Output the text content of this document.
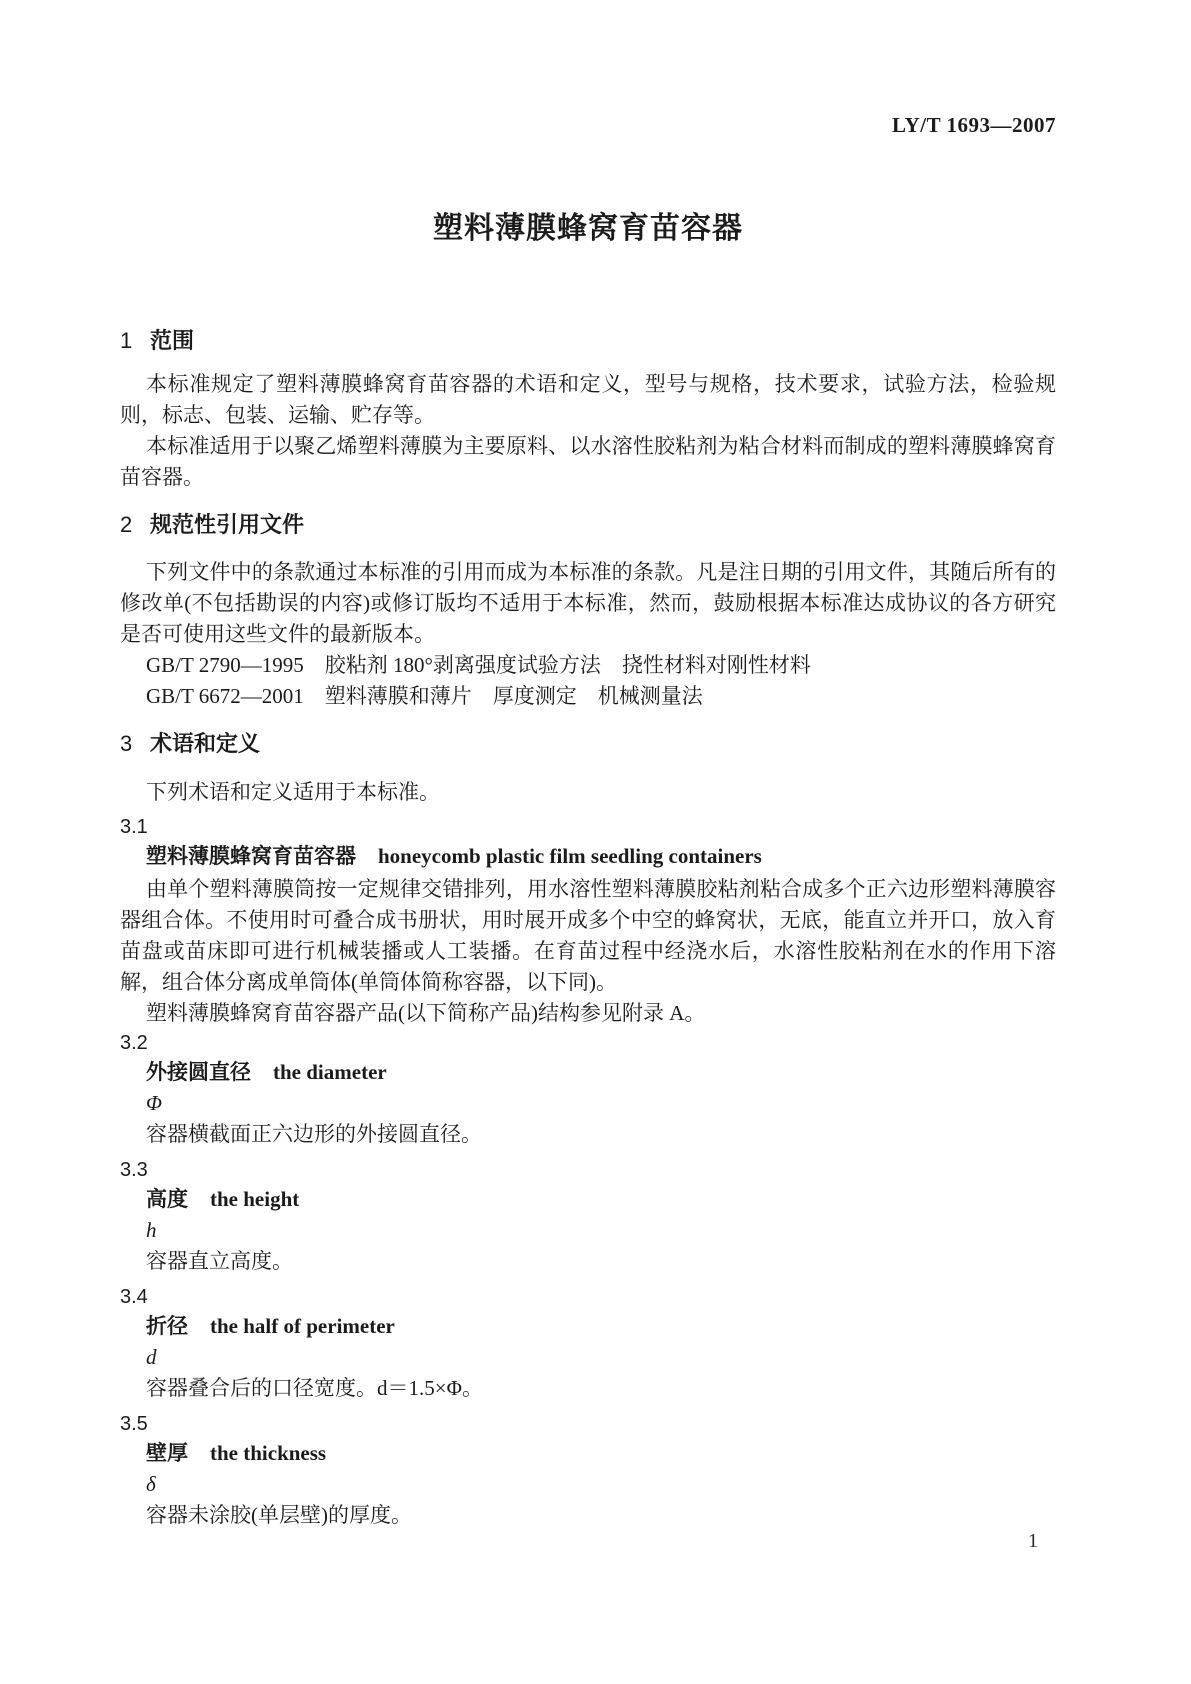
LY/T 1693—2007
塑料薄膜蜂窝育苗容器
1 范围

本标准规定了塑料薄膜蜂窝育苗容器的术语和定义，型号与规格，技术要求，试验方法，检验规则，标志、包装、运输、贮存等。

本标准适用于以聚乙烯塑料薄膜为主要原料、以水溶性胶粘剂为粘合材料而制成的塑料薄膜蜂窝育苗容器。

2 规范性引用文件

下列文件中的条款通过本标准的引用而成为本标准的条款。凡是注日期的引用文件，其随后所有的修改单(不包括勘误的内容)或修订版均不适用于本标准，然而，鼓励根据本标准达成协议的各方研究是否可使用这些文件的最新版本。

GB/T 2790—1995　胶粘剂 180°剥离强度试验方法　挠性材料对刚性材料

GB/T 6672—2001　塑料薄膜和薄片　厚度测定　机械测量法

3 术语和定义

下列术语和定义适用于本标准。

3.1

塑料薄膜蜂窝育苗容器 honeycomb plastic film seedling containers

由单个塑料薄膜筒按一定规律交错排列，用水溶性塑料薄膜胶粘剂粘合成多个正六边形塑料薄膜容器组合体。不使用时可叠合成书册状，用时展开成多个中空的蜂窝状，无底，能直立并开口，放入育苗盘或苗床即可进行机械装播或人工装播。在育苗过程中经浇水后，水溶性胶粘剂在水的作用下溶解，组合体分离成单筒体(单筒体简称容器，以下同)。

塑料薄膜蜂窝育苗容器产品(以下简称产品)结构参见附录 A。

3.2

外接圆直径 the diameter

Φ

容器横截面正六边形的外接圆直径。

3.3

高度 the height

h

容器直立高度。

3.4

折径 the half of perimeter

d

容器叠合后的口径宽度。d＝1.5×Φ。

3.5

壁厚 the thickness

δ

容器未涂胶(单层壁)的厚度。

1
